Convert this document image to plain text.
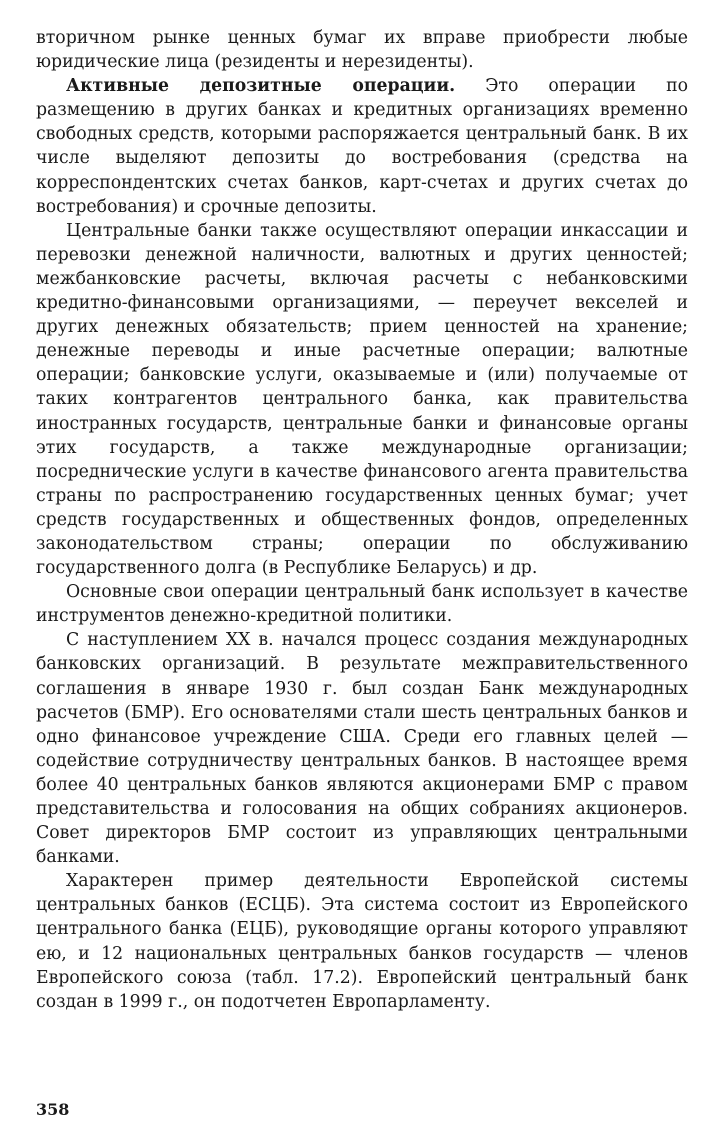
вторичном рынке ценных бумаг их вправе приобрести любые юридические лица (резиденты и нерезиденты).

Активные депозитные операции. Это операции по размещению в других банках и кредитных организациях временно свободных средств, которыми распоряжается центральный банк. В их числе выделяют депозиты до востребования (средства на корреспондентских счетах банков, карт-счетах и других счетах до востребования) и срочные депозиты.

Центральные банки также осуществляют операции инкассации и перевозки денежной наличности, валютных и других ценностей; межбанковские расчеты, включая расчеты с небанковскими кредитно-финансовыми организациями, — переучет векселей и других денежных обязательств; прием ценностей на хранение; денежные переводы и иные расчетные операции; валютные операции; банковские услуги, оказываемые и (или) получаемые от таких контрагентов центрального банка, как правительства иностранных государств, центральные банки и финансовые органы этих государств, а также международные организации; посреднические услуги в качестве финансового агента правительства страны по распространению государственных ценных бумаг; учет средств государственных и общественных фондов, определенных законодательством страны; операции по обслуживанию государственного долга (в Республике Беларусь) и др.

Основные свои операции центральный банк использует в качестве инструментов денежно-кредитной политики.

С наступлением XX в. начался процесс создания международных банковских организаций. В результате межправительственного соглашения в январе 1930 г. был создан Банк международных расчетов (БМР). Его основателями стали шесть центральных банков и одно финансовое учреждение США. Среди его главных целей — содействие сотрудничеству центральных банков. В настоящее время более 40 центральных банков являются акционерами БМР с правом представительства и голосования на общих собраниях акционеров. Совет директоров БМР состоит из управляющих центральными банками.

Характерен пример деятельности Европейской системы центральных банков (ЕСЦБ). Эта система состоит из Европейского центрального банка (ЕЦБ), руководящие органы которого управляют ею, и 12 национальных центральных банков государств — членов Европейского союза (табл. 17.2). Европейский центральный банк создан в 1999 г., он подотчетен Европарламенту.

358
